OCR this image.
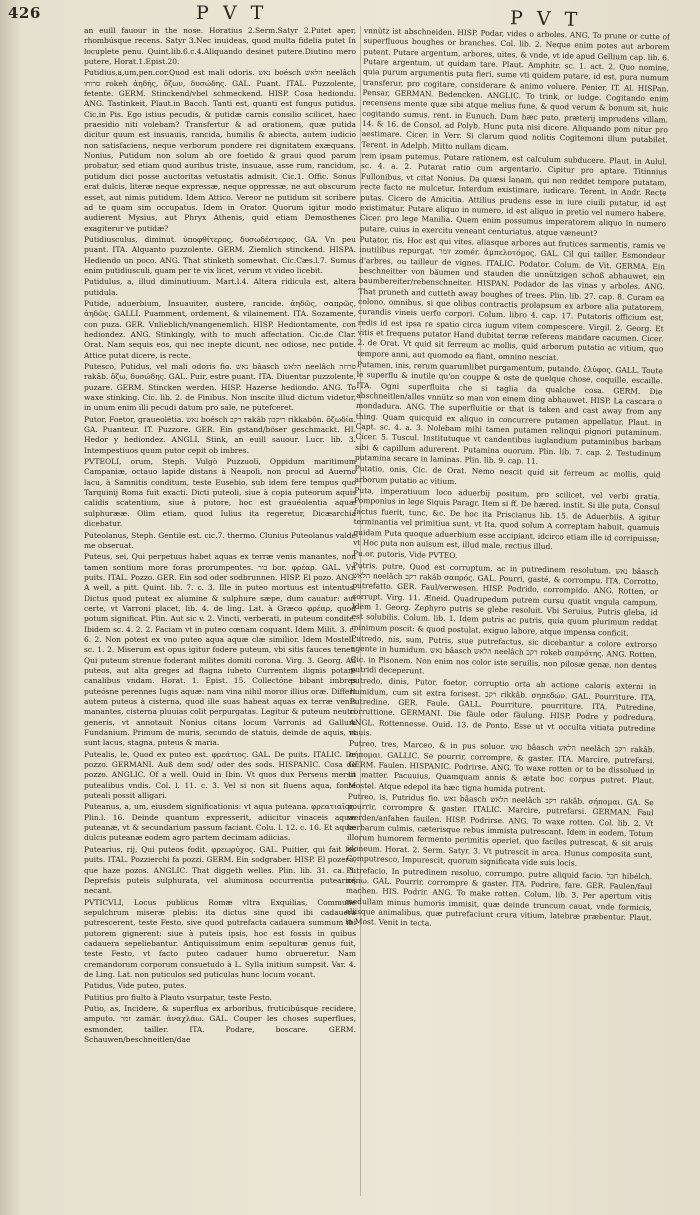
426	P V T	P V T

an euill fauour in the nose. Horatius 2.Serm.Satyr 2.Putet aper, rhombúsque recens. Satyr 3.Nec inuideas, quod multa fidelia putet In locuplete penu. Quint.lib.6.c.4.Aliquando desinet putere.Diutino mero putere, Horat.1.Epist.20.

Putidius,a,um,pen.cor.Quod est mali odoris. נאש bοésch הלאש neelâch סרוחו rokeh ἀηδής, ὄζων, δυσώδης. GAL. Puant. ITAL. Puzzolente, fetente. GERM. Stinckend/vbel schmeckend. HISP. Cosa hediondu. ANG. Tastinkeit, Plaut.in Bacch. Tanti est, quanti est fungus putidus. Cic.in Pis. Ego istius pecudis, & putidæ carnis consilio scilicet, haec praesidio niti volebam? Transfertur & ad orationem, quæ putida dicitur quum est insuauis, rancida, humilis & abiecta, autem iudicio non satisfaciens, neque verborum pondere rei dignitatem exæquans. Nonius, Putidum non solum ab ore foetido & graui quod parum probatur, sed etiam quod auribus triste, insuaue, asse rum, rancidum, putidum dici posse auctoritas vetustatis admisit. Cic.1. Offic. Sonus erat dulcis, literæ neque expressæ, neque oppressæ, ne aut obscurum esset, aut nimis putidum. Idem Attico. Vereor ne putidum sit scribere ad te quam sim occupatus. Idem in Orator. Quorum igitur modo audierent Mysius, aut Phryx Athenis, quid etiam Demosthenes exagiterur ve putidæ?

Putidiusculus, diminut. ὑποφθίτερος, δυσωδέστερος. GA. Vn peu puant. ITA. Alquanto puzzolente. GERM. Ziemlich stinckend. HISPA. Hediendo un poco. ANG. That stinketh somewhat. Cic.Cæs.l.7. Sumus enim putidiusculi, quam per te vix licet, verum vt video licebit.

Putidulus, a, illud diminutiuum. Mart.l.4. Altera ridicula est, altera putidula.

Putide, aduerbium, Insuauiter, austere, rancide. ἀηδῶς, σαπρῶς, ἀηδῶς. GALLI. Puamment, ordement, & vilainement. ITA. Sozamente, con puza. GER. Vnlieblich/vnangenemlich. HISP. Hediontamente, con hediondez. ANG. Stinkingly, with to much affectation. Cic.de Clar. Orat. Nam sequis eos, qui nec inepte dicunt, nec odiose, nec putide. Attice putat dicere, is recte.

Putesco, Putidus, vel mali odoris fio. נאש bâasch הלאש neelâch סרחה rakâb. ὄζω, δυσώδης. GAL. Puir, estre puant. ITA. Diuentar puzzolente, puzare. GERM. Stincken werden. HISP. Hazerse hediondo. ANG. To waxe stinking. Cic. lib. 2. de Finibus. Non inscite illud dictum videtur, in unum enim illi pecudi datum pro sale, ne putefceret.

Putor, Foetor, graueolétia. נאש bοésch רקב rakâb ריקבון rikkabôn. ὄζωδία. GA. Puanteur. IT. Puzzore. GER. Ein gstand/böser geschmackt. HI. Hedor y hediondez. ANGLI. Stink, an euill sauour. Lucr. lib. 3. Intempestiuos quum putor cepit ob imbres.

PVTEOLI, orum, Steph. Vulgò Puzzuoli, Oppidum maritimum Campaniæ, octauo lapide distans à Neapoli, non procul ad Auerno lacu, à Samnitis conditum, teste Eusebio, sub idem fere tempus quo Tarquinij Roma fuit exacti. Dicti puteoli, siue à copia puteorum aquis calidis scatentium, siue à putore, hoc est grauéolentia aquæ sulphurææ. Olim etiam, quod Iulius ita regeretur, Dicæarchia dicebatur.

Puteolanus, Steph. Gentile est. cic.7. thermo. Clunius Puteolanus valde me obseruat.

Puteus, sei, Qui perpetuus habet aquas ex terræ venis manantes, non tamen sontium more foras prorumpentes. בור bor. φρέαρ. GAL. Vn puits. ITAL. Pozzo. GER. Ein sod oder sodbrunnen. HISP. El pozo. ANG. A well, a pitt. Quint. lib. 7. c. 3. Ille in puteo mortuus est intentus. Dictus quod puteat ex alumine & sulphure sæpe, dum cauatur: aut certe, vt Varroni placet, lib. 4. de ling. Lat. à Græco φρέαρ, quod potum significat. Plin. Aut sic v. 2. Vincti, verberati, in puteum condite. Ibidem sc. 4. 2. 2. Faciam vt in puteo cœnam coquant. Idem Milit. 3. c. 6. 2. Non potest ex vno puteo aqua aquæ clæ similior. Idem Mostell. sc. 1. 2. Miserum est opus igitur fodere puteum, vbi sitis fauces tenet. Qui puteum strenue foderant milites domiti corona. Virg. 3. Georg. Ad puteos, aut alta greges ad flagna iubeto Currentem ilignis potare canalibus vndam. Horat. 1. Epist. 15. Collectóne bibant imbres puteósne perennes Iugis aquæ: nam vina nihil moror illius oræ. Differt autem puteus à cisterna, quod ille suas habeat aquas ex terræ venis manantes, cisterna pluuias colit perpurgatas. Legitur & puteum neutri generis, vt annotauit Nonius citans locum Varronis ad Gallum Fundanium. Primum de muris, secundo de statuis, deinde de aquis, vt sunt lacus, stagna, puteus & maria.

Putealis, le, Quod ex puteo est. φρεάτιος. GAL. De puits. ITALIC. De pozzo. GERMANI. Auß dem sod/ oder des sods. HISPANIC. Cosa de pozzo. ANGLIC. Of a well. Ouid in Ibin. Vt quos dux Perseus mersit putealibus vndis. Col. l. 11. c. 3. Vel si non sit fluens aqua, fonte puteali possit alligari.

Puteanus, a, um, eiusdem significationis: vt aqua puteana. φρεατιαῖος. Plin.l. 16. Deinde quantum expresserit, adiicitur vinaceis aquæ puteanæ, vt & secundarium passum faciant. Colu. l. 12. c. 16. Et aquæ dulcis puteanæ eodem agro partem decimam adiicias.

Putearius, rij, Qui puteos fodit. φρεωρύχος. GAL. Puitier, qui fait les puits. ITAL. Pozzierchi fa pozzi. GERM. Ein sodgraber. HISP. El pozero, que haze pozos. ANGLIC. That diggeth welles. Plin. lib. 31. ca. 3. Deprefsis puteis sulphurata, vel aluminosa occurrentia putearios necant.

PVTICVLI, Locus publicus Romæ vltra Exquilias, Commune sepulchrum miseræ plebis: ita dictus sine quod ibi cadauera putrescerent, teste Festo, sive quod putrefacta cadauera summum ibi putorem gignerent: siue à puteis ipsis, hoc est fossis in quibus cadauera sepeliebantur. Antiquissimum enim sepulturæ genus fuit, teste Festo, vt facto puteo cadauer humo obrueretur. Nam cremandorum corporum consuetudo à L. Sylla initium sumpsit. Var. 4. de Ling. Lat. non puticulos sed puticulas hunc locum vocant.

Putidus, Vide puteo, putes.

Putitius pro fiulto à Plauto vsurpatur, teste Festo.

Putio, as, Incidere, & superflua ex arboribus, fruticibúsque recidere, amputo. זמר zamár. ἀναχλάω. GAL. Couper les choses superflues, esmonder, tailler. ITA. Podare, boscare. GERM. Schauwen/beschneitlen/dae

vnnütz ist abschneiden. HISP. Podar, vides o arboles. ANG. To prune or cutte of superfluous boughes or branches. Col. lib. 2. Neque enim potes aut arborem putent. Putare argentum, arbores, uites, & vnde, vt ide apud Gellium cap. lib. 6. Putare argentum, ut quidam tare. Plaut. Amphitr. sc. 1. act. 2. Quo nomine, quia purum argumentis puta fieri, sume vti quidem putare, id est, pura numum transferur, pro cogitare, considerare & animo voluere. Penier, IT. Al. HISPan. Pensar, GERMAN. Bedencken. ANGLIC. To trink, or iudge. Cogitando enim recensens mente quæ sibi atque melius fune, & quod verum & bonum sit, huic cogitando sumus. rent. in Eunuch. Dum hæc puto, præterij imprudens villam. 14. & 16. de Consol. ad Polyb. Hunc puta nisi dicere. Aliquando pom nitur pro aestimare. Cicer. in Verr. Si clarum quod nolitis Cogitemoni illum putabilet. Terent. in Adelph. Mitto nullam dicam.

rem ipsam putemus. Putare rationem, est calculum subducere. Plaut. in Aulul. sc. 4. a. 2. Putarat ratio cum argentario. Cipitur pro aptare. Titinnius Fullonibus, vt citat Nonius. Da quæsi lanam, qui non reddet tempore putatam, recte facto ne mulcetur. Interdum existimare, iudicare. Terent. in Andr. Recte putas. Cicero de Amicitia. Attilius prudens esse in iure ciuili putatur, id est existimatur. Putare aliquo in numero, id est aliquo in pretio vel numero habere. Cicer. pro lege Manilia. Quem enim possumus imperatorem aliquo in numero putare, cuius in exercitu veneant centuriatus, atque væneunt?

Putator, ris, Hoc est qui vites, aliasque arbores aut frutices sarmentis, ramis ve inutilibus repurgat. זומר zomér. ἀμπελοτόμος. GAL. Cil qui tailler. Esmondeur d'arbres, ou tailleur de vignes. ITALIC. Podator. Colum. de Vit. GERMA. Ein beschneitter von bäumen und stauden die unnützigen schoß abhauwet, ein baumbereiter/rebenschneiter. HISPAN. Podador de las vinas y arboles. ANG. That pruneth and cutteth away boughes of trees. Plin. lib. 27. cap. 8. Curam ea colono, omnibus, si que olibus contractis prolapsum ex arbore alia putatorem, curandis vineis uerfo corpori. Colum. libro 4. cap. 17. Putatoris officium est, redis id est ipsa re spatio circa iugum vitem compescere. Virgil. 2. Georg. Et vitis et frequens putator Hand dubitat terræ referens mandare cacumen. Cicer. 2. de Orat. Vt quid sit ferreum ac mollis, quid arborum putatio ac vitium, quo tempore anni, aut quomodo ea fiant, omnino nesciat.

Putamen, inis, rerum quarumlibet purgamentum, putando. ἐλύφος. GALL. Toute le superflu & inutile qu'on couppe & oste de quelque chose, coquille, escaille. ITA. Ogni superfluita che si taglia da qualche cosa. GERM. Die abschneitlen/alles vnnütz so man von einem ding abhauwet. HISP. La cascara o mondadura. ANG. The superfluitie or that is taken and cast away from any thing. Quam quicquid ex aliquo in concurrere putamen appellatur. Plaut. in Capt. sc. 4. a. 3. Nolebam mihi tamen putamen relinqui pignori putaminum. Cicer. 5. Tuscul. Institutuque vt candentibus iuglandium putaminibus barbam sibi & capillum adurerent. Putamina ouorum. Plin. lib. 7. cap. 2. Testudinum putamina secare in laminas. Plin. lib. 9. cap. 11.

Putatio, onis, Cic. de Orat. Nemo nescit quid sit ferreum ac mollis, quid arborum putatio ac vitium.

Puta, imperatiuum loco aduerbij positum, pro scilicet, vel verbi gratia. Pomponius in lege Siquis Paragr. Item si ff. De hæred. instit. Si ille puta, Consul factus fuerit, tunc, &c. De hoc ita Priscianus lib. 15. de Aduerbiis. A igitur terminantia vel primitiua sunt, vt Ita, quod solum A correptam habuit, quamuis quidam Puta quoque aduerbium esse accipiant, idcirco etiam ille id corripuisse; vt Hoc puta non auisum est, illud male, rectius illud.

Pu.or, putoris, Vide PVTEO.

Putris, putre, Quod est corruptum, ac in putredinem resolutum. נאש bâasch הלאש neelâch רקב rakáb σαπρός. GAL. Pourri, gasté, & corrompu. ITA. Corrotto, putrefatto. GER. Faul/verwesen. HISP. Podrido, corrompido. ANG. Rotten, or corrupt. Virg. 11. Æneid. Quadrupedum putrem cursu quatit vngula campum. Idem 1. Georg. Zephyro putris se glebe resoluit. Vbi Seruius, Putris gleba, id est solubilis. Colum. lib. 1. Idem putris ac putris, quia quum plurimum reddat minimum poscit: & quod postulat, exiguo labore, atque impensa conficit.

Putredo, nis, sum, Putris, siue putrefactus, sic dicebantur a colore extrorso agente in humidum. נאש bâasch הלאש neelâch רקב rokeb σαπρότης. ANG. Rotten. Cic. in Pisonem. Non enim nos color iste seruilis, non pilosæ genæ, non dentes putridi deceperunt.

putredo, dinis, Putor, foetor, corruptio orta ab actione caloris externi in humidum, cum sit extra forisest. רקב rikkâb. σηπεδών. GAL. Pourriture. ITA. Putredine. GER. Faule. GALL. Pourriture, pourriture. ITA. Putredine, corruttione. GERMANI. Die fäule oder fäulung. HISP. Podre y podredura. ANGL. Rottennesse. Ouid. 13. de Ponto. Esse ut vt occulta vitiata putredine nauis.

Putreo, tres, Marceo, & in pus soluor. נאש bâasch הלאש neelâch רקב rakâb. σήπομαι. GALLIC. Se pourrir, corrompre, & gaster. ITA. Marcire, putrefarsi. GERM. Faulen. HISPANIC. Podrirse. ANG. To waxe rotten or to be dissolued in to matter. Pacuuius, Quamquam annis & ætate hoc corpus putret. Plaut. Mostel. Atque edepol ita hæc tigna humida putrent.

Putreo, is, Putridus fio. נאש bâasch הלאש neelâch רקב rakâb. σήπομαι. GA. Se pourrir, corrompre & gaster. ITALIC. Marcire, putrefarsi. GERMAN. Faul werden/anfahen fauilen. HISP. Podrirse. ANG. To waxe rotten. Col. lib. 2. Vt herbarum culmis, cæterisque rebus immista putrescant. Idem in eodem, Totum illorum humorem fermento perimitis operiet, quo faciles putrescat, & sit aruis idoneum. Horat. 2. Serm. Satyr. 3. Vt putrescit in arca. Hunus composita sunt, Computresco, Impurescit, quorum significata vide suis locis.

Putrefacio, In putredinem resoluo, corrumpo, putre aliquid facio. חבל hibélch. σήπω. GAL. Pourrir, corrompre & gaster. ITA. Podrire, fare. GER. Faulen/faul machen. HIS. Podrir. ANG. To make rotten. Colum. lib. 3. Per apertum vitis medullam minus humoris immisit, quæ deinde truncum cauat, vnde formicis, aliisque animalibus, quæ putrefaciunt crura vitium, latebræ præbentur. Plaut. in Most. Venit in tecta.
